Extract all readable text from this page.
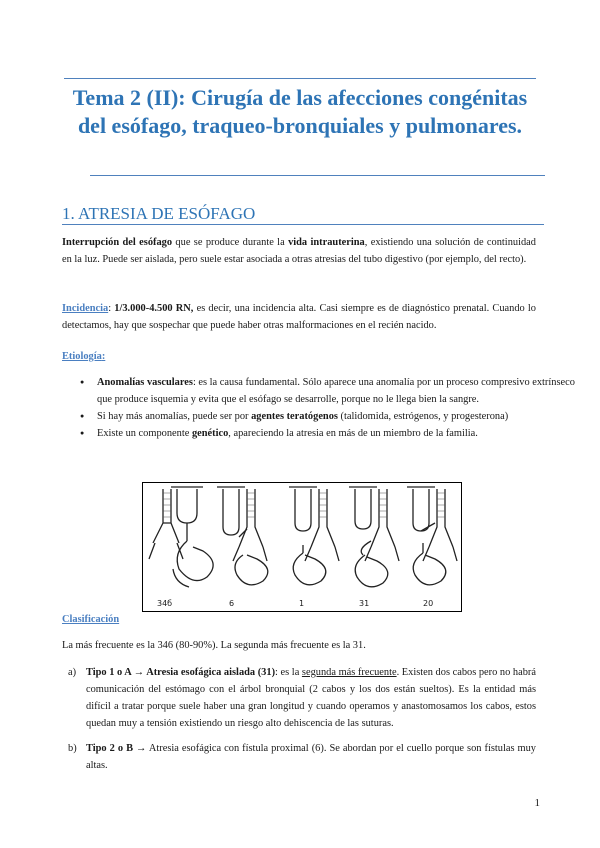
Tema 2 (II): Cirugía de las afecciones congénitas del esófago, traqueo-bronquiales y pulmonares.
1. ATRESIA DE ESÓFAGO
Interrupción del esófago que se produce durante la vida intrauterina, existiendo una solución de continuidad en la luz. Puede ser aislada, pero suele estar asociada a otras atresias del tubo digestivo (por ejemplo, del recto).
Incidencia: 1/3.000-4.500 RN, es decir, una incidencia alta. Casi siempre es de diagnóstico prenatal. Cuando lo detectamos, hay que sospechar que puede haber otras malformaciones en el recién nacido.
Etiología:
● Anomalías vasculares: es la causa fundamental. Sólo aparece una anomalía por un proceso compresivo extrínseco que produce isquemia y evita que el esófago se desarrolle, porque no le llega bien la sangre.
● Si hay más anomalías, puede ser por agentes teratógenos (talidomida, estrógenos, y progesterona)
● Existe un componente genético, apareciendo la atresia en más de un miembro de la familia.
34б	6	1	31	20
Clasificación
La más frecuente es la 346 (80-90%). La segunda más frecuente es la 31.
a) Tipo 1 o A → Atresia esofágica aislada (31): es la segunda más frecuente. Existen dos cabos pero no habrá comunicación del estómago con el árbol bronquial (2 cabos y los dos están sueltos). Es la entidad más difícil a tratar porque suele haber una gran longitud y cuando operamos y anastomosamos los cabos, estos quedan muy a tensión existiendo un riesgo alto dehiscencia de las suturas.
b) Tipo 2 o B → Atresia esofágica con fístula proximal (6). Se abordan por el cuello porque son fístulas muy altas.
1
